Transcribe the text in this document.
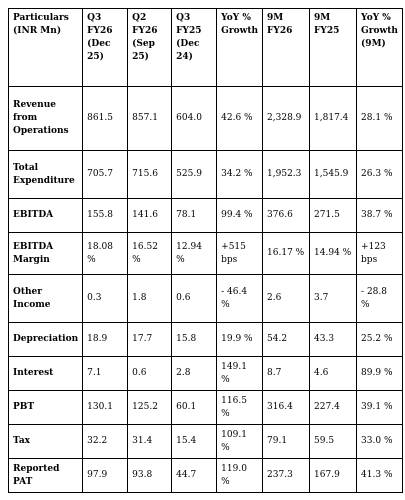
Particulars (INR Mn)	Q3 FY26 (Dec 25)	Q2 FY26 (Sep 25)	Q3 FY25 (Dec 24)	YoY % Growth	9M FY26	9M FY25	YoY % Growth (9M)
Revenue from Operations	861.5	857.1	604.0	42.6 %	2,328.9	1,817.4	28.1 %
Total Expenditure	705.7	715.6	525.9	34.2 %	1,952.3	1,545.9	26.3 %
EBITDA	155.8	141.6	78.1	99.4 %	376.6	271.5	38.7 %
EBITDA Margin	18.08 %	16.52 %	12.94 %	+515 bps	16.17 %	14.94 %	+123 bps
Other Income	0.3	1.8	0.6	- 46.4 %	2.6	3.7	- 28.8 %
Depreciation	18.9	17.7	15.8	19.9 %	54.2	43.3	25.2 %
Interest	7.1	0.6	2.8	149.1 %	8.7	4.6	89.9 %
PBT	130.1	125.2	60.1	116.5 %	316.4	227.4	39.1 %
Tax	32.2	31.4	15.4	109.1 %	79.1	59.5	33.0 %
Reported PAT	97.9	93.8	44.7	119.0 %	237.3	167.9	41.3 %
